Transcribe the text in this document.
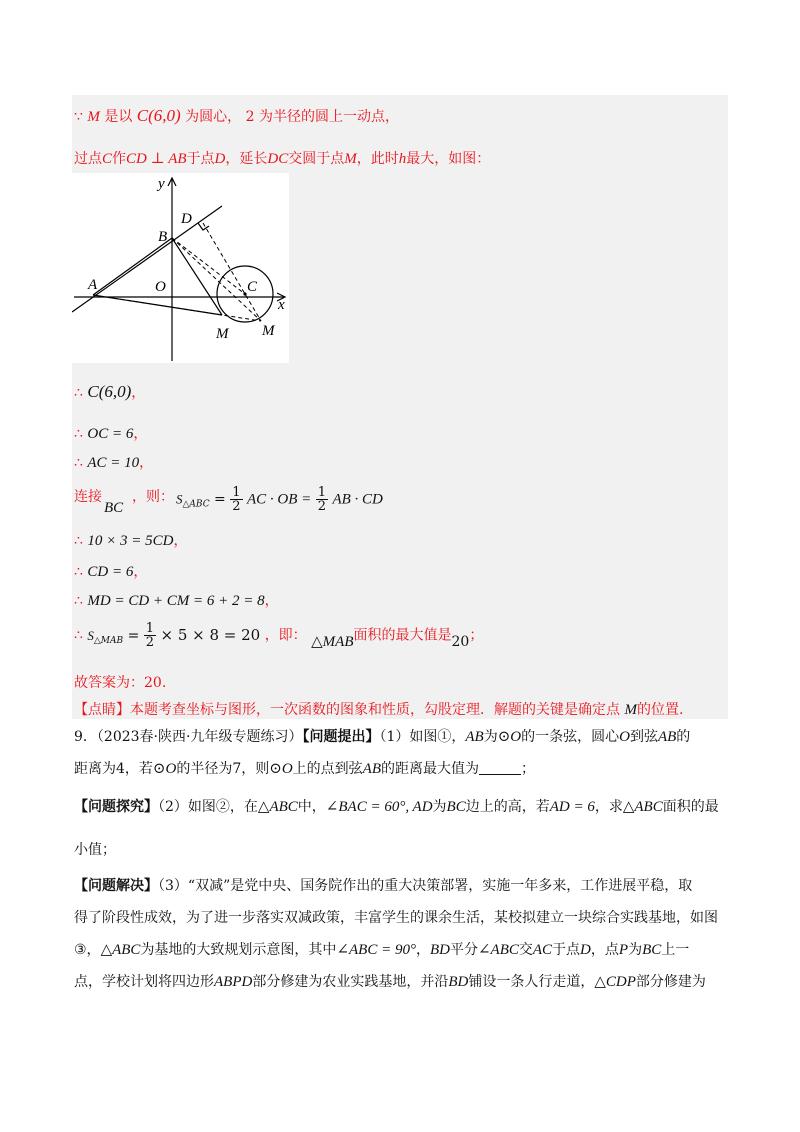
∵ M 是以 C(6,0) 为圆心， 2 为半径的圆上一动点，
过点C作CD ⊥ AB于点D，延长DC交圆于点M，此时h最大，如图：
y
x
A	O
B
C
D
M M
∴ C(6,0)，
∴ OC = 6，
∴ AC = 10，
连接
BC
，则： $S_{\triangle ABC} = \frac{1}{2}$ AC · OB = $\frac{1}{2}$ AB · CD
∴ 10 × 3 = 5CD，
∴ CD = 6，
∴ MD = CD + CM = 6 + 2 = 8，
∴ $S_{\triangle MAB} = \frac{1}{2} \times 5 \times 8 = 20$ ，即： △MAB面积的最大值是20；
故答案为：20.
【点睛】本题考查坐标与图形，一次函数的图象和性质，勾股定理．解题的关键是确定点 M的位置.
9．（2023春·陕西·九年级专题练习）【问题提出】（1）如图①，AB为⊙O的一条弦，圆心O到弦AB的
距离为4，若⊙O的半径为7，则⊙O上的点到弦AB的距离最大值为	；
【问题探究】（2）如图②，在△ABC中，∠BAC = 60°, AD为BC边上的高，若AD = 6，求△ABC面积的最
小值；
【问题解决】（3）“双减”是党中央、国务院作出的重大决策部署，实施一年多来，工作进展平稳，取
得了阶段性成效，为了进一步落实双减政策，丰富学生的课余生活，某校拟建立一块综合实践基地，如图
③，△ABC为基地的大致规划示意图，其中∠ABC = 90°，BD平分∠ABC交AC于点D，点P为BC上一
点，学校计划将四边形ABPD部分修建为农业实践基地，并沿BD铺设一条人行走道，△CDP部分修建为
